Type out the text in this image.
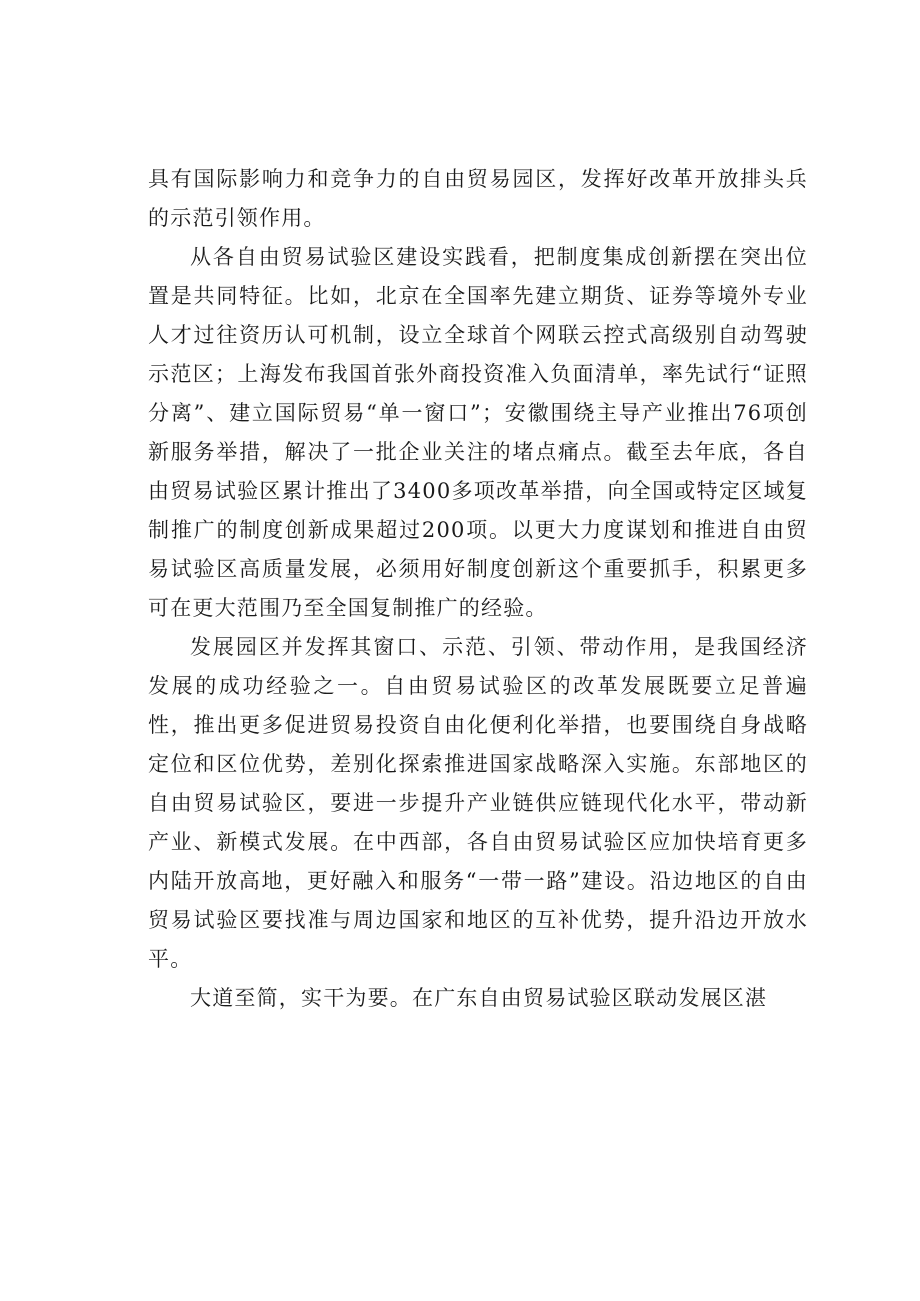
具有国际影响力和竞争力的自由贸易园区，发挥好改革开放排头兵的示范引领作用。

从各自由贸易试验区建设实践看，把制度集成创新摆在突出位置是共同特征。比如，北京在全国率先建立期货、证券等境外专业人才过往资历认可机制，设立全球首个网联云控式高级别自动驾驶示范区；上海发布我国首张外商投资准入负面清单，率先试行“证照分离”、建立国际贸易“单一窗口”；安徽围绕主导产业推出76项创新服务举措，解决了一批企业关注的堵点痛点。截至去年底，各自由贸易试验区累计推出了3400多项改革举措，向全国或特定区域复制推广的制度创新成果超过200项。以更大力度谋划和推进自由贸易试验区高质量发展，必须用好制度创新这个重要抓手，积累更多可在更大范围乃至全国复制推广的经验。

发展园区并发挥其窗口、示范、引领、带动作用，是我国经济发展的成功经验之一。自由贸易试验区的改革发展既要立足普遍性，推出更多促进贸易投资自由化便利化举措，也要围绕自身战略定位和区位优势，差别化探索推进国家战略深入实施。东部地区的自由贸易试验区，要进一步提升产业链供应链现代化水平，带动新产业、新模式发展。在中西部，各自由贸易试验区应加快培育更多内陆开放高地，更好融入和服务“一带一路”建设。沿边地区的自由贸易试验区要找准与周边国家和地区的互补优势，提升沿边开放水平。

大道至简，实干为要。在广东自由贸易试验区联动发展区湛
